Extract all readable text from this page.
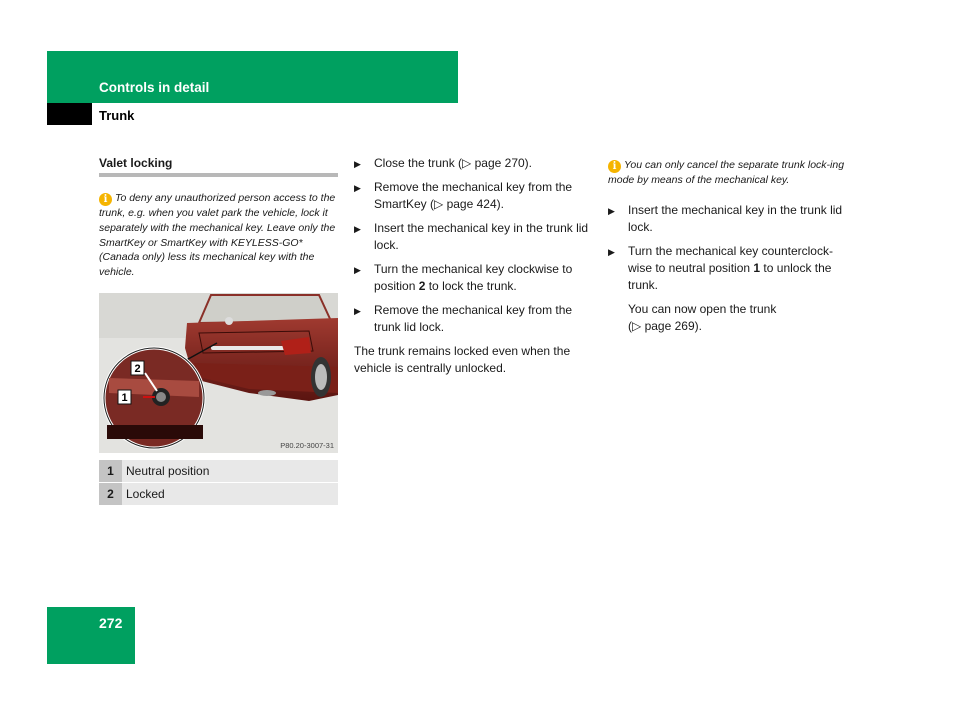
Controls in detail
Trunk
Valet locking
i To deny any unauthorized person access to the trunk, e.g. when you valet park the vehicle, lock it separately with the mechanical key. Leave only the SmartKey or SmartKey with KEYLESS-GO* (Canada only) less its mechanical key with the vehicle.
2
1
P80.20-3007-31
1	Neutral position
2	Locked
▶ Close the trunk (▷ page 270).
▶ Remove the mechanical key from the SmartKey (▷ page 424).
▶ Insert the mechanical key in the trunk lid lock.
▶ Turn the mechanical key clockwise to position 2 to lock the trunk.
▶ Remove the mechanical key from the trunk lid lock.
The trunk remains locked even when the vehicle is centrally unlocked.
i You can only cancel the separate trunk lock-ing mode by means of the mechanical key.
▶ Insert the mechanical key in the trunk lid lock.
▶ Turn the mechanical key counterclock-wise to neutral position 1 to unlock the trunk.
You can now open the trunk
(▷ page 269).
272
